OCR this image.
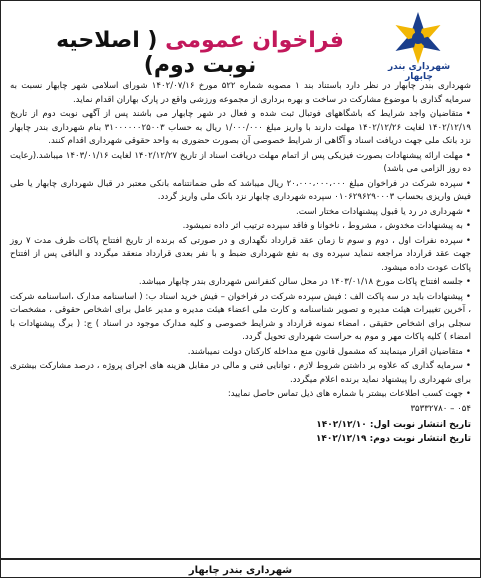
فراخوان عمومی ( اصلاحیه نوبت دوم)	شهرداری بندر چابهار

شهرداری بندر چابهار در نظر دارد باستناد بند ۱ مصوبه شماره ۵۲۲ مورخ ۱۴۰۲/۰۷/۱۶ شورای اسلامی شهر چابهار نسبت به سرمایه گذاری با موضوع مشارکت در ساخت و بهره برداری از مجموعه ورزشی واقع در پارک بهاران اقدام نماید.

• متقاضیان واجد شرایط که باشگاههای فوتبال ثبت شده و فعال در شهر چابهار می باشند پس از آگهی نوبت دوم از تاریخ ۱۴۰۲/۱۲/۱۹ لغایت ۱۴۰۲/۱۲/۲۶ مهلت دارند با واریز مبلغ ۱/۰۰۰/۰۰۰ ریال به حساب ۳۱۰۰۰۰۰۰۲۵۰۰۳ بنام شهرداری بندر چابهار نزد بانک ملی جهت دریافت اسناد و آگاهی از شرایط خصوصی آن بصورت حضوری به واحد حقوقی شهرداری اقدام کنند.

• مهلت ارائه پیشنهادات بصورت فیزیکی پس از اتمام مهلت دریافت اسناد از تاریخ ۱۴۰۲/۱۲/۲۷ لغایت ۱۴۰۳/۰۱/۱۶ میباشد.(رعایت ده روز الزامی می باشد)

• سپرده شرکت در فراخوان مبلغ ۲۰،۰۰۰،۰۰۰،۰۰۰ ریال میباشد که طی ضمانتنامه بانکی معتبر در قبال شهرداری چابهار یا طی فیش واریزی بحساب ۰۱۰۶۲۹۶۲۹۰۰۰۳ سپرده شهرداری چابهار نزد بانک ملی واریز گردد.

• شهرداری در رد یا قبول پیشنهادات مختار است.

• به پیشنهادات مخدوش ، مشروط ، ناخوانا و فاقد سپرده ترتیب اثر داده نمیشود.

• سپرده نفرات اول ، دوم و سوم تا زمان عقد قرارداد نگهداری و در صورتی که برنده از تاریخ افتتاح پاکات ظرف مدت ۷ روز جهت عقد قرارداد مراجعه ننماید سپرده وی به نفع شهرداری ضبط و با نفر بعدی قرارداد منعقد میگردد و الباقی پس از افتتاح پاکات عودت داده میشود.

• جلسه افتتاح پاکات مورخ ۱۴۰۳/۰۱/۱۸ در محل سالن کنفرانس شهرداری بندر چابهار میباشد.

• پیشنهادات باید در سه پاکت الف : فیش سپرده شرکت در فراخوان – فیش خرید اسناد ب: ( اساسنامه مدارک ،اساسنامه شرکت ، آخرین تغییرات هیئت مدیره و تصویر شناسنامه و کارت ملی اعضاء هیئت مدیره و مدیر عامل برای اشخاص حقوقی ، مشخصات سجلی برای اشخاص حقیقی ، امضاء نمونه قرارداد و شرایط خصوصی و کلیه مدارک موجود در اسناد ) ج: ( برگ پیشنهادات با امضاء ) کلیه پاکات مهر و موم به حراست شهرداری تحویل گردد.

• متقاضیان اقرار مینمایند که مشمول قانون منع مداخله کارکنان دولت نمیباشند.

• سرمایه گذاری که علاوه بر داشتن شروط لازم ، توانایی فنی و مالی در مقابل هزینه های اجرای پروژه ، درصد مشارکت بیشتری برای شهرداری را پیشنهاد نماید برنده اعلام میگردد.

• جهت کسب اطلاعات بیشتر با شماره های ذیل تماس حاصل نمایید:

۰۵۴ – ۳۵۳۳۲۷۸۰

تاریخ انتشار نوبت اول: ۱۴۰۲/۱۲/۱۰
تاریخ انتشار نوبت دوم: ۱۴۰۲/۱۲/۱۹
شهرداری بندر چابهار
